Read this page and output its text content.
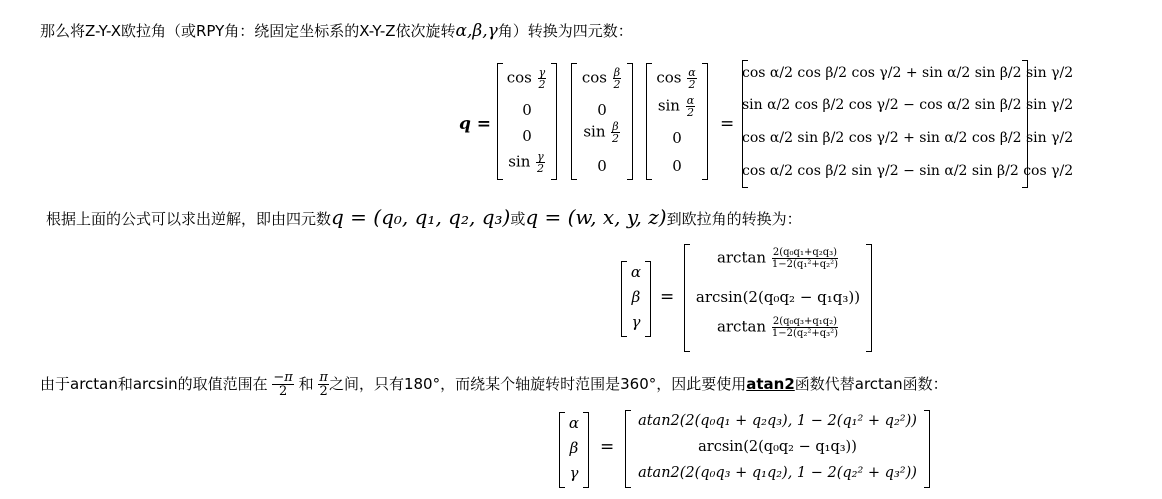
那么将Z-Y-X欧拉角（或RPY角：绕固定坐标系的X-Y-Z依次旋转α,β,γ角）转换为四元数：
q =
$\cos \frac{\gamma}{2}$
0
0
$\sin \frac{\gamma}{2}$
$\cos \frac{\beta}{2}$
0
$\sin \frac{\beta}{2}$
0
$\cos \frac{\alpha}{2}$
$\sin \frac{\alpha}{2}$
0
0
=
cos α/2 cos β/2 cos γ/2 + sin α/2 sin β/2 sin γ/2
sin α/2 cos β/2 cos γ/2 − cos α/2 sin β/2 sin γ/2
cos α/2 sin β/2 cos γ/2 + sin α/2 cos β/2 sin γ/2
cos α/2 cos β/2 sin γ/2 − sin α/2 sin β/2 cos γ/2
根据上面的公式可以求出逆解，即由四元数q = (q₀, q₁, q₂, q₃)或q = (w, x, y, z)到欧拉角的转换为：
α
β
γ
=
$\arctan \frac{\text{2(q₀q₁+q₂q₃)}}{\text{1−2(q₁²+q₂²)}}$
arcsin(2(q₀q₂ − q₁q₃))
$\arctan \frac{\text{2(q₀q₃+q₁q₂)}}{\text{1−2(q₂²+q₃²)}}$
由于arctan和arcsin的取值范围在 $\frac{-\pi}{2}$ 和 $\frac{\pi}{2}$ 之间，只有180°，而绕某个轴旋转时范围是360°，因此要使用atan2函数代替arctan函数：
α
β
γ
=
atan2(2(q₀q₁ + q₂q₃), 1 − 2(q₁² + q₂²))
arcsin(2(q₀q₂ − q₁q₃))
atan2(2(q₀q₃ + q₁q₂), 1 − 2(q₂² + q₃²))
